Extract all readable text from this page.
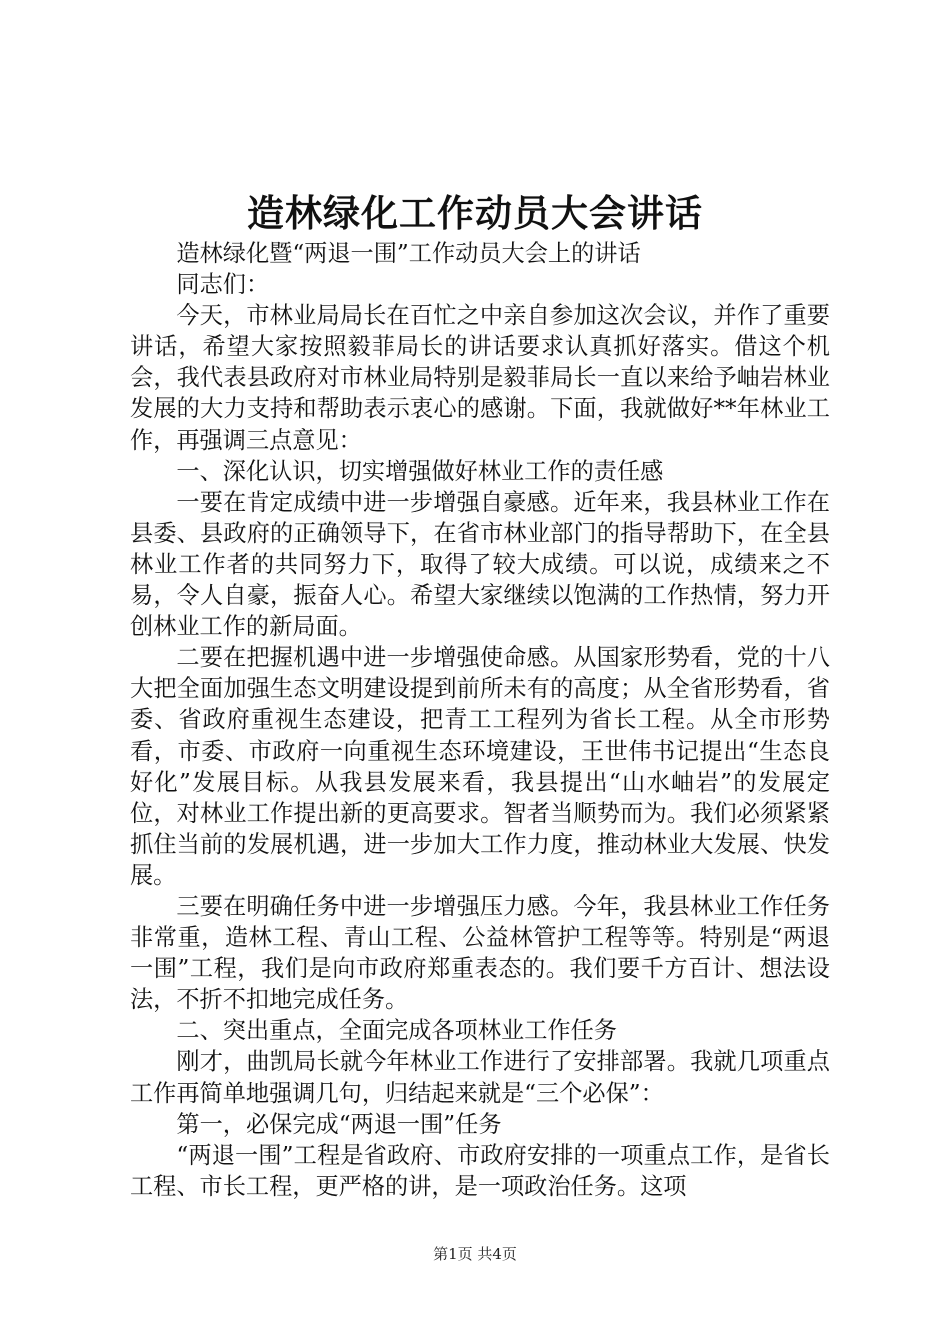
造林绿化工作动员大会讲话

造林绿化暨“两退一围”工作动员大会上的讲话

同志们：

今天，市林业局局长在百忙之中亲自参加这次会议，并作了重要讲话，希望大家按照毅菲局长的讲话要求认真抓好落实。借这个机会，我代表县政府对市林业局特别是毅菲局长一直以来给予岫岩林业发展的大力支持和帮助表示衷心的感谢。下面，我就做好**年林业工作，再强调三点意见：

一、深化认识，切实增强做好林业工作的责任感

一要在肯定成绩中进一步增强自豪感。近年来，我县林业工作在县委、县政府的正确领导下，在省市林业部门的指导帮助下，在全县林业工作者的共同努力下，取得了较大成绩。可以说，成绩来之不易，令人自豪，振奋人心。希望大家继续以饱满的工作热情，努力开创林业工作的新局面。

二要在把握机遇中进一步增强使命感。从国家形势看，党的十八大把全面加强生态文明建设提到前所未有的高度；从全省形势看，省委、省政府重视生态建设，把青工工程列为省长工程。从全市形势看，市委、市政府一向重视生态环境建设，王世伟书记提出“生态良好化”发展目标。从我县发展来看，我县提出“山水岫岩”的发展定位，对林业工作提出新的更高要求。智者当顺势而为。我们必须紧紧抓住当前的发展机遇，进一步加大工作力度，推动林业大发展、快发展。

三要在明确任务中进一步增强压力感。今年，我县林业工作任务非常重，造林工程、青山工程、公益林管护工程等等。特别是“两退一围”工程，我们是向市政府郑重表态的。我们要千方百计、想法设法，不折不扣地完成任务。

二、突出重点，全面完成各项林业工作任务

刚才，曲凯局长就今年林业工作进行了安排部署。我就几项重点工作再简单地强调几句，归结起来就是“三个必保”：

第一，必保完成“两退一围”任务

“两退一围”工程是省政府、市政府安排的一项重点工作，是省长工程、市长工程，更严格的讲，是一项政治任务。这项

第1页 共4页
